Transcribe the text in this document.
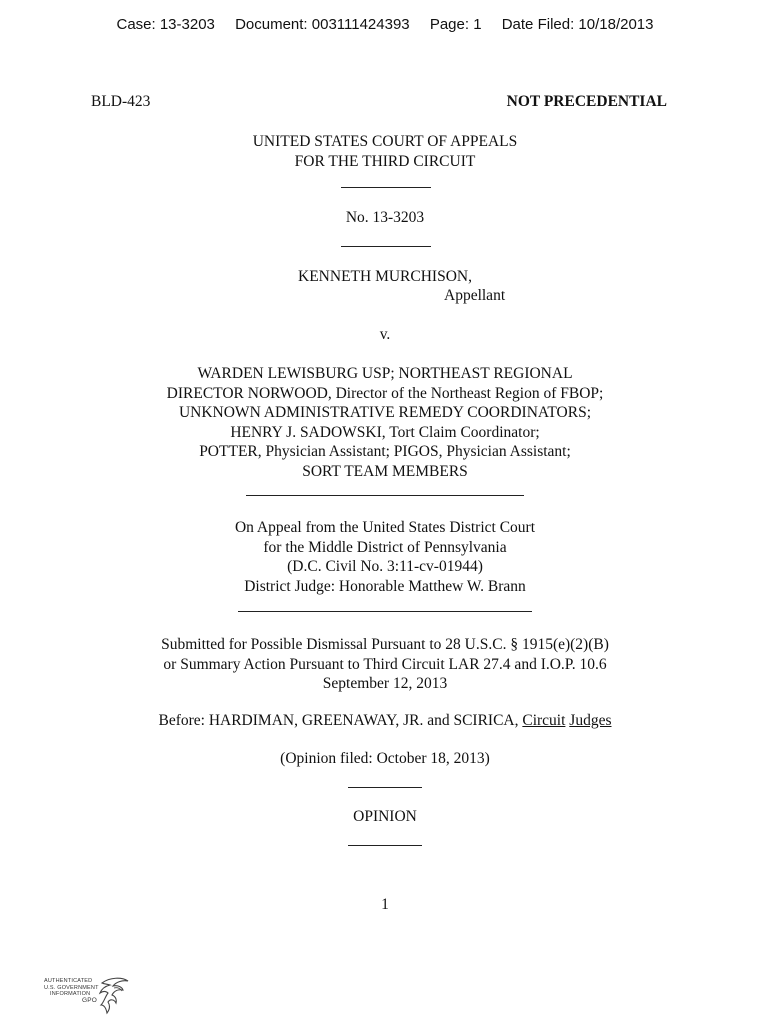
Case: 13-3203 Document: 003111424393 Page: 1 Date Filed: 10/18/2013
BLD-423	NOT PRECEDENTIAL
UNITED STATES COURT OF APPEALS
FOR THE THIRD CIRCUIT
No. 13-3203
KENNETH MURCHISON,
Appellant
v.
WARDEN LEWISBURG USP; NORTHEAST REGIONAL
DIRECTOR NORWOOD, Director of the Northeast Region of FBOP;
UNKNOWN ADMINISTRATIVE REMEDY COORDINATORS;
HENRY J. SADOWSKI, Tort Claim Coordinator;
POTTER, Physician Assistant; PIGOS, Physician Assistant;
SORT TEAM MEMBERS
On Appeal from the United States District Court
for the Middle District of Pennsylvania
(D.C. Civil No. 3:11-cv-01944)
District Judge: Honorable Matthew W. Brann
Submitted for Possible Dismissal Pursuant to 28 U.S.C. § 1915(e)(2)(B)
or Summary Action Pursuant to Third Circuit LAR 27.4 and I.O.P. 10.6
September 12, 2013
Before: HARDIMAN, GREENAWAY, JR. and SCIRICA, Circuit Judges
(Opinion filed: October 18, 2013)
OPINION
1
AUTHENTICATED
U.S. GOVERNMENT
INFORMATION
GPO
